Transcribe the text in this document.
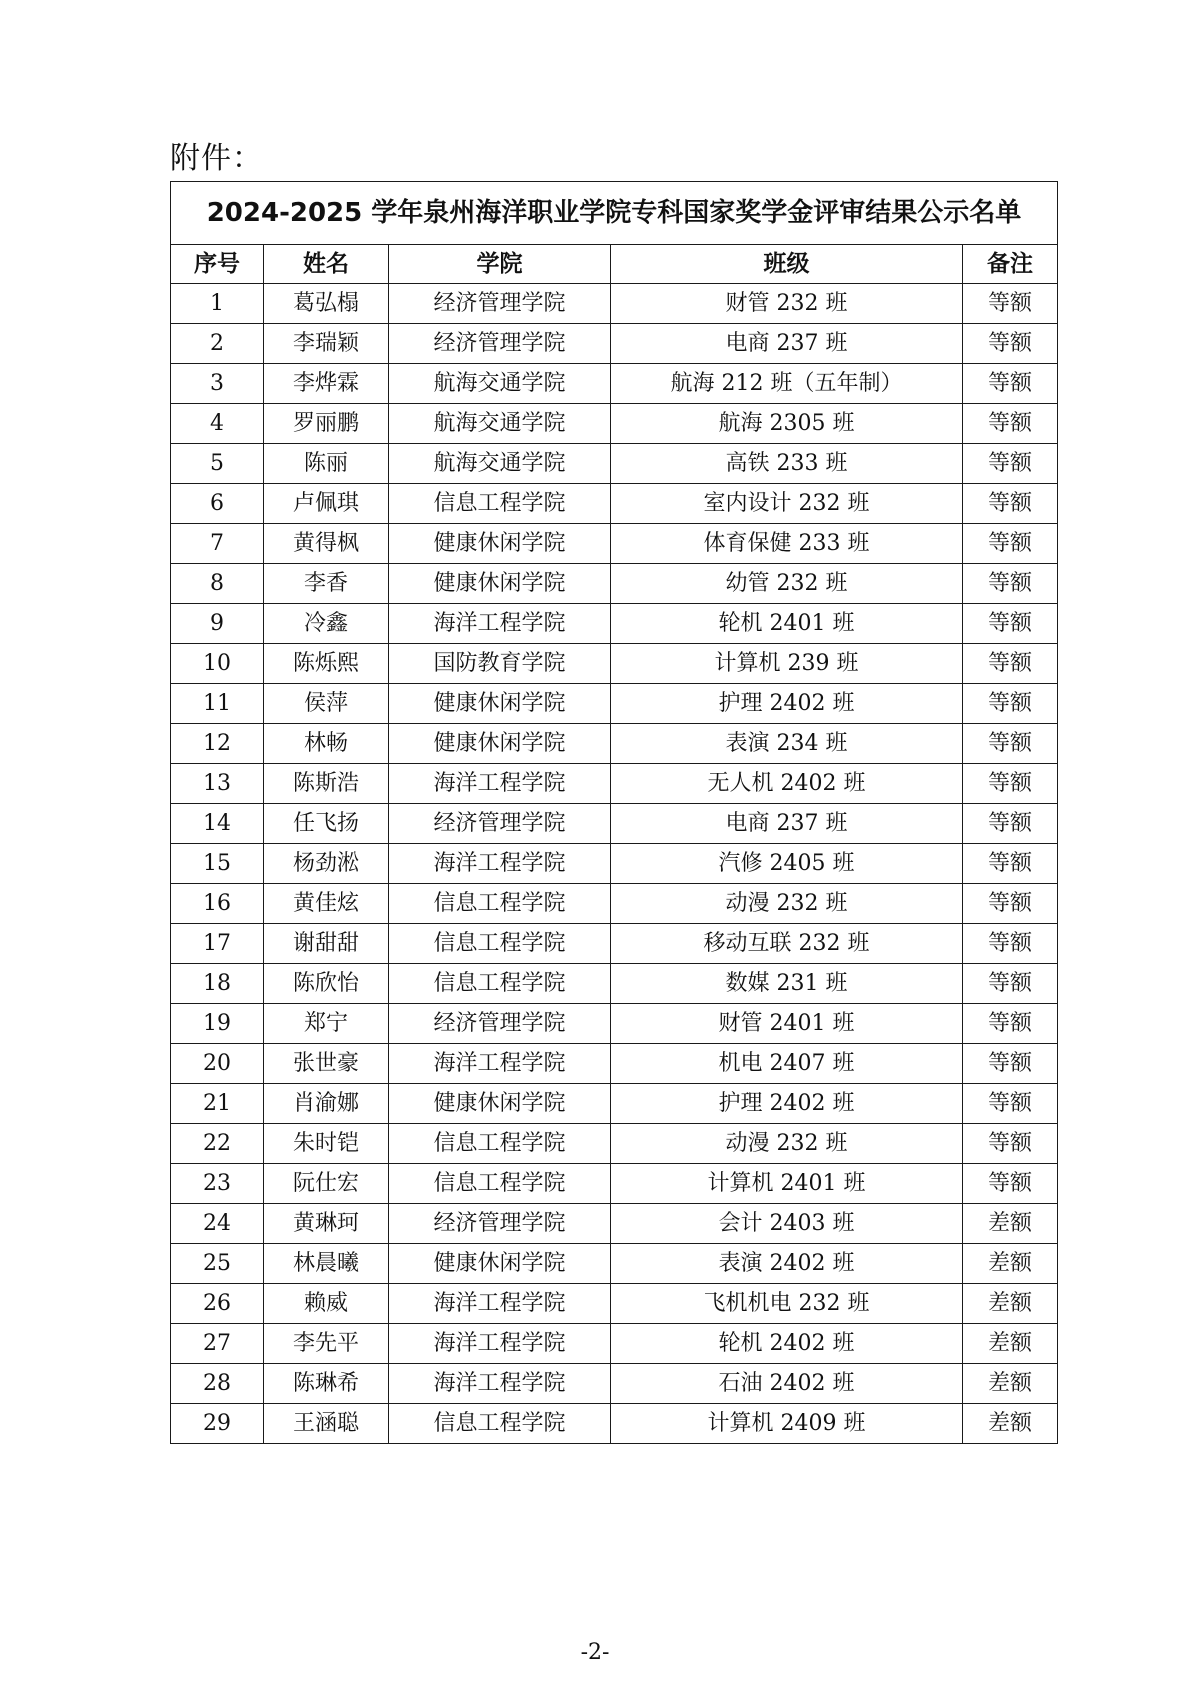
附件：
2024-2025 学年泉州海洋职业学院专科国家奖学金评审结果公示名单				
序号	姓名	学院	班级	备注
1	葛弘榻	经济管理学院	财管 232 班	等额
2	李瑞颖	经济管理学院	电商 237 班	等额
3	李烨霖	航海交通学院	航海 212 班（五年制）	等额
4	罗丽鹏	航海交通学院	航海 2305 班	等额
5	陈丽	航海交通学院	高铁 233 班	等额
6	卢佩琪	信息工程学院	室内设计 232 班	等额
7	黄得枫	健康休闲学院	体育保健 233 班	等额
8	李香	健康休闲学院	幼管 232 班	等额
9	冷鑫	海洋工程学院	轮机 2401 班	等额
10	陈烁熙	国防教育学院	计算机 239 班	等额
11	侯萍	健康休闲学院	护理 2402 班	等额
12	林畅	健康休闲学院	表演 234 班	等额
13	陈斯浩	海洋工程学院	无人机 2402 班	等额
14	任飞扬	经济管理学院	电商 237 班	等额
15	杨劲淞	海洋工程学院	汽修 2405 班	等额
16	黄佳炫	信息工程学院	动漫 232 班	等额
17	谢甜甜	信息工程学院	移动互联 232 班	等额
18	陈欣怡	信息工程学院	数媒 231 班	等额
19	郑宁	经济管理学院	财管 2401 班	等额
20	张世豪	海洋工程学院	机电 2407 班	等额
21	肖渝娜	健康休闲学院	护理 2402 班	等额
22	朱时铠	信息工程学院	动漫 232 班	等额
23	阮仕宏	信息工程学院	计算机 2401 班	等额
24	黄琳珂	经济管理学院	会计 2403 班	差额
25	林晨曦	健康休闲学院	表演 2402 班	差额
26	赖威	海洋工程学院	飞机机电 232 班	差额
27	李先平	海洋工程学院	轮机 2402 班	差额
28	陈琳希	海洋工程学院	石油 2402 班	差额
29	王涵聪	信息工程学院	计算机 2409 班	差额
-2-
